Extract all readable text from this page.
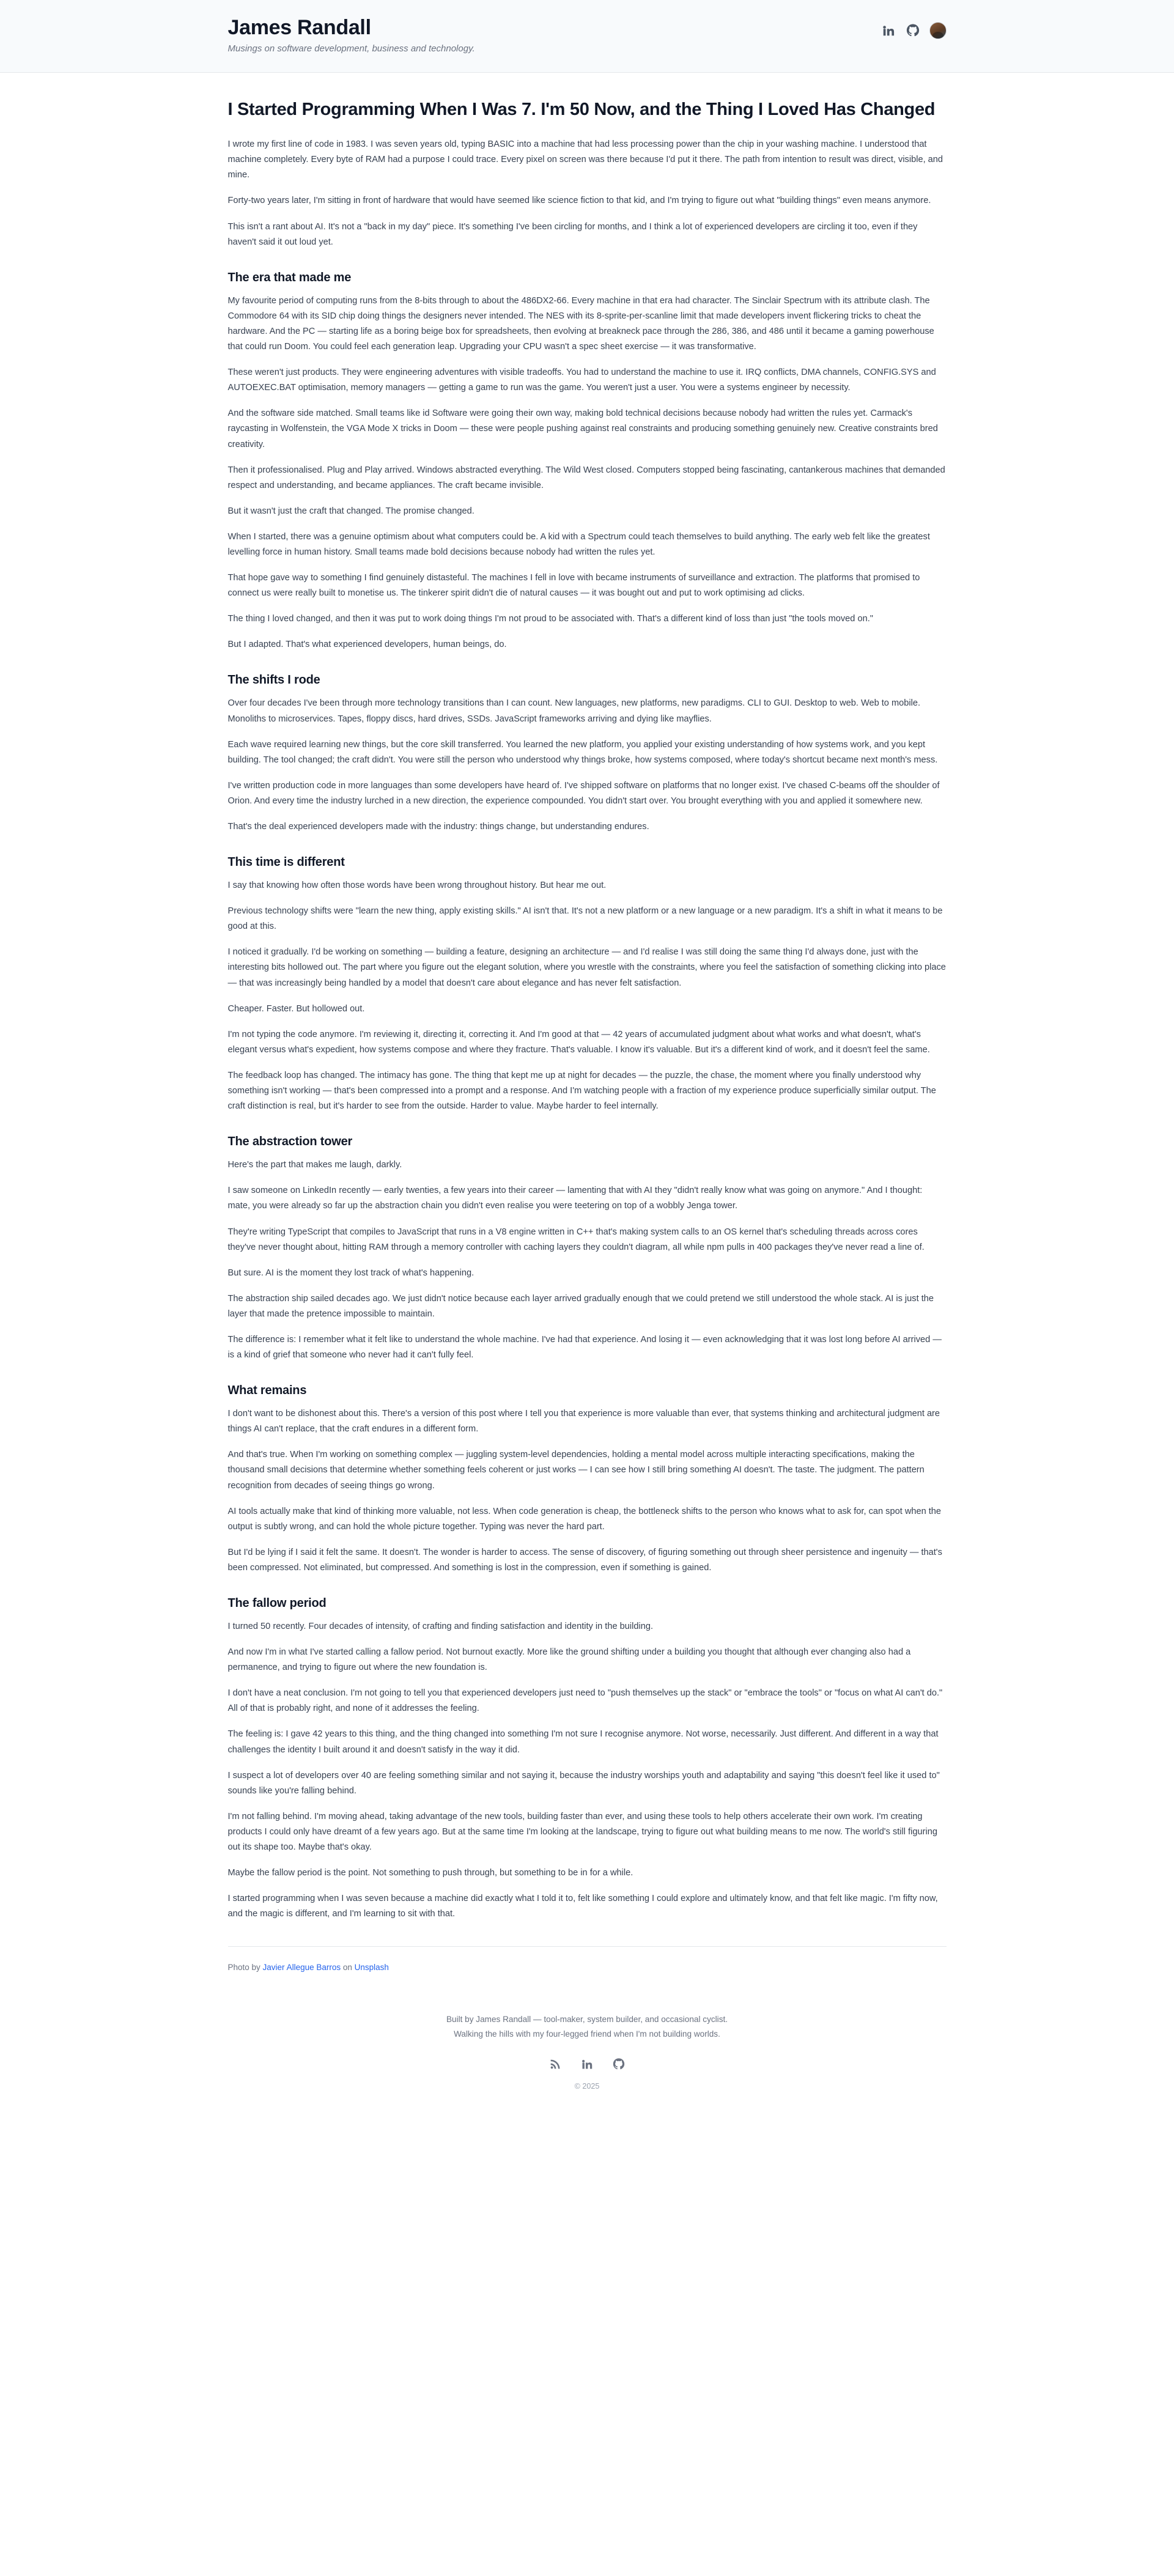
James Randall

Musings on software development, business and technology.

I Started Programming When I Was 7. I'm 50 Now, and the Thing I Loved Has Changed

I wrote my first line of code in 1983. I was seven years old, typing BASIC into a machine that had less processing power than the chip in your washing machine. I understood that machine completely. Every byte of RAM had a purpose I could trace. Every pixel on screen was there because I'd put it there. The path from intention to result was direct, visible, and mine.

Forty-two years later, I'm sitting in front of hardware that would have seemed like science fiction to that kid, and I'm trying to figure out what "building things" even means anymore.

This isn't a rant about AI. It's not a "back in my day" piece. It's something I've been circling for months, and I think a lot of experienced developers are circling it too, even if they haven't said it out loud yet.

The era that made me

My favourite period of computing runs from the 8-bits through to about the 486DX2-66. Every machine in that era had character. The Sinclair Spectrum with its attribute clash. The Commodore 64 with its SID chip doing things the designers never intended. The NES with its 8-sprite-per-scanline limit that made developers invent flickering tricks to cheat the hardware. And the PC — starting life as a boring beige box for spreadsheets, then evolving at breakneck pace through the 286, 386, and 486 until it became a gaming powerhouse that could run Doom. You could feel each generation leap. Upgrading your CPU wasn't a spec sheet exercise — it was transformative.

These weren't just products. They were engineering adventures with visible tradeoffs. You had to understand the machine to use it. IRQ conflicts, DMA channels, CONFIG.SYS and AUTOEXEC.BAT optimisation, memory managers — getting a game to run was the game. You weren't just a user. You were a systems engineer by necessity.

And the software side matched. Small teams like id Software were going their own way, making bold technical decisions because nobody had written the rules yet. Carmack's raycasting in Wolfenstein, the VGA Mode X tricks in Doom — these were people pushing against real constraints and producing something genuinely new. Creative constraints bred creativity.

Then it professionalised. Plug and Play arrived. Windows abstracted everything. The Wild West closed. Computers stopped being fascinating, cantankerous machines that demanded respect and understanding, and became appliances. The craft became invisible.

But it wasn't just the craft that changed. The promise changed.

When I started, there was a genuine optimism about what computers could be. A kid with a Spectrum could teach themselves to build anything. The early web felt like the greatest levelling force in human history. Small teams made bold decisions because nobody had written the rules yet.

That hope gave way to something I find genuinely distasteful. The machines I fell in love with became instruments of surveillance and extraction. The platforms that promised to connect us were really built to monetise us. The tinkerer spirit didn't die of natural causes — it was bought out and put to work optimising ad clicks.

The thing I loved changed, and then it was put to work doing things I'm not proud to be associated with. That's a different kind of loss than just "the tools moved on."

But I adapted. That's what experienced developers, human beings, do.

The shifts I rode

Over four decades I've been through more technology transitions than I can count. New languages, new platforms, new paradigms. CLI to GUI. Desktop to web. Web to mobile. Monoliths to microservices. Tapes, floppy discs, hard drives, SSDs. JavaScript frameworks arriving and dying like mayflies.

Each wave required learning new things, but the core skill transferred. You learned the new platform, you applied your existing understanding of how systems work, and you kept building. The tool changed; the craft didn't. You were still the person who understood why things broke, how systems composed, where today's shortcut became next month's mess.

I've written production code in more languages than some developers have heard of. I've shipped software on platforms that no longer exist. I've chased C-beams off the shoulder of Orion. And every time the industry lurched in a new direction, the experience compounded. You didn't start over. You brought everything with you and applied it somewhere new.

That's the deal experienced developers made with the industry: things change, but understanding endures.

This time is different

I say that knowing how often those words have been wrong throughout history. But hear me out.

Previous technology shifts were "learn the new thing, apply existing skills." AI isn't that. It's not a new platform or a new language or a new paradigm. It's a shift in what it means to be good at this.

I noticed it gradually. I'd be working on something — building a feature, designing an architecture — and I'd realise I was still doing the same thing I'd always done, just with the interesting bits hollowed out. The part where you figure out the elegant solution, where you wrestle with the constraints, where you feel the satisfaction of something clicking into place — that was increasingly being handled by a model that doesn't care about elegance and has never felt satisfaction.

Cheaper. Faster. But hollowed out.

I'm not typing the code anymore. I'm reviewing it, directing it, correcting it. And I'm good at that — 42 years of accumulated judgment about what works and what doesn't, what's elegant versus what's expedient, how systems compose and where they fracture. That's valuable. I know it's valuable. But it's a different kind of work, and it doesn't feel the same.

The feedback loop has changed. The intimacy has gone. The thing that kept me up at night for decades — the puzzle, the chase, the moment where you finally understood why something isn't working — that's been compressed into a prompt and a response. And I'm watching people with a fraction of my experience produce superficially similar output. The craft distinction is real, but it's harder to see from the outside. Harder to value. Maybe harder to feel internally.

The abstraction tower

Here's the part that makes me laugh, darkly.

I saw someone on LinkedIn recently — early twenties, a few years into their career — lamenting that with AI they "didn't really know what was going on anymore." And I thought: mate, you were already so far up the abstraction chain you didn't even realise you were teetering on top of a wobbly Jenga tower.

They're writing TypeScript that compiles to JavaScript that runs in a V8 engine written in C++ that's making system calls to an OS kernel that's scheduling threads across cores they've never thought about, hitting RAM through a memory controller with caching layers they couldn't diagram, all while npm pulls in 400 packages they've never read a line of.

But sure. AI is the moment they lost track of what's happening.

The abstraction ship sailed decades ago. We just didn't notice because each layer arrived gradually enough that we could pretend we still understood the whole stack. AI is just the layer that made the pretence impossible to maintain.

The difference is: I remember what it felt like to understand the whole machine. I've had that experience. And losing it — even acknowledging that it was lost long before AI arrived — is a kind of grief that someone who never had it can't fully feel.

What remains

I don't want to be dishonest about this. There's a version of this post where I tell you that experience is more valuable than ever, that systems thinking and architectural judgment are things AI can't replace, that the craft endures in a different form.

And that's true. When I'm working on something complex — juggling system-level dependencies, holding a mental model across multiple interacting specifications, making the thousand small decisions that determine whether something feels coherent or just works — I can see how I still bring something AI doesn't. The taste. The judgment. The pattern recognition from decades of seeing things go wrong.

AI tools actually make that kind of thinking more valuable, not less. When code generation is cheap, the bottleneck shifts to the person who knows what to ask for, can spot when the output is subtly wrong, and can hold the whole picture together. Typing was never the hard part.

But I'd be lying if I said it felt the same. It doesn't. The wonder is harder to access. The sense of discovery, of figuring something out through sheer persistence and ingenuity — that's been compressed. Not eliminated, but compressed. And something is lost in the compression, even if something is gained.

The fallow period

I turned 50 recently. Four decades of intensity, of crafting and finding satisfaction and identity in the building.

And now I'm in what I've started calling a fallow period. Not burnout exactly. More like the ground shifting under a building you thought that although ever changing also had a permanence, and trying to figure out where the new foundation is.

I don't have a neat conclusion. I'm not going to tell you that experienced developers just need to "push themselves up the stack" or "embrace the tools" or "focus on what AI can't do." All of that is probably right, and none of it addresses the feeling.

The feeling is: I gave 42 years to this thing, and the thing changed into something I'm not sure I recognise anymore. Not worse, necessarily. Just different. And different in a way that challenges the identity I built around it and doesn't satisfy in the way it did.

I suspect a lot of developers over 40 are feeling something similar and not saying it, because the industry worships youth and adaptability and saying "this doesn't feel like it used to" sounds like you're falling behind.

I'm not falling behind. I'm moving ahead, taking advantage of the new tools, building faster than ever, and using these tools to help others accelerate their own work. I'm creating products I could only have dreamt of a few years ago. But at the same time I'm looking at the landscape, trying to figure out what building means to me now. The world's still figuring out its shape too. Maybe that's okay.

Maybe the fallow period is the point. Not something to push through, but something to be in for a while.

I started programming when I was seven because a machine did exactly what I told it to, felt like something I could explore and ultimately know, and that felt like magic. I'm fifty now, and the magic is different, and I'm learning to sit with that.

Photo by Javier Allegue Barros on Unsplash

Built by James Randall — tool-maker, system builder, and occasional cyclist.
Walking the hills with my four-legged friend when I'm not building worlds.
© 2025
